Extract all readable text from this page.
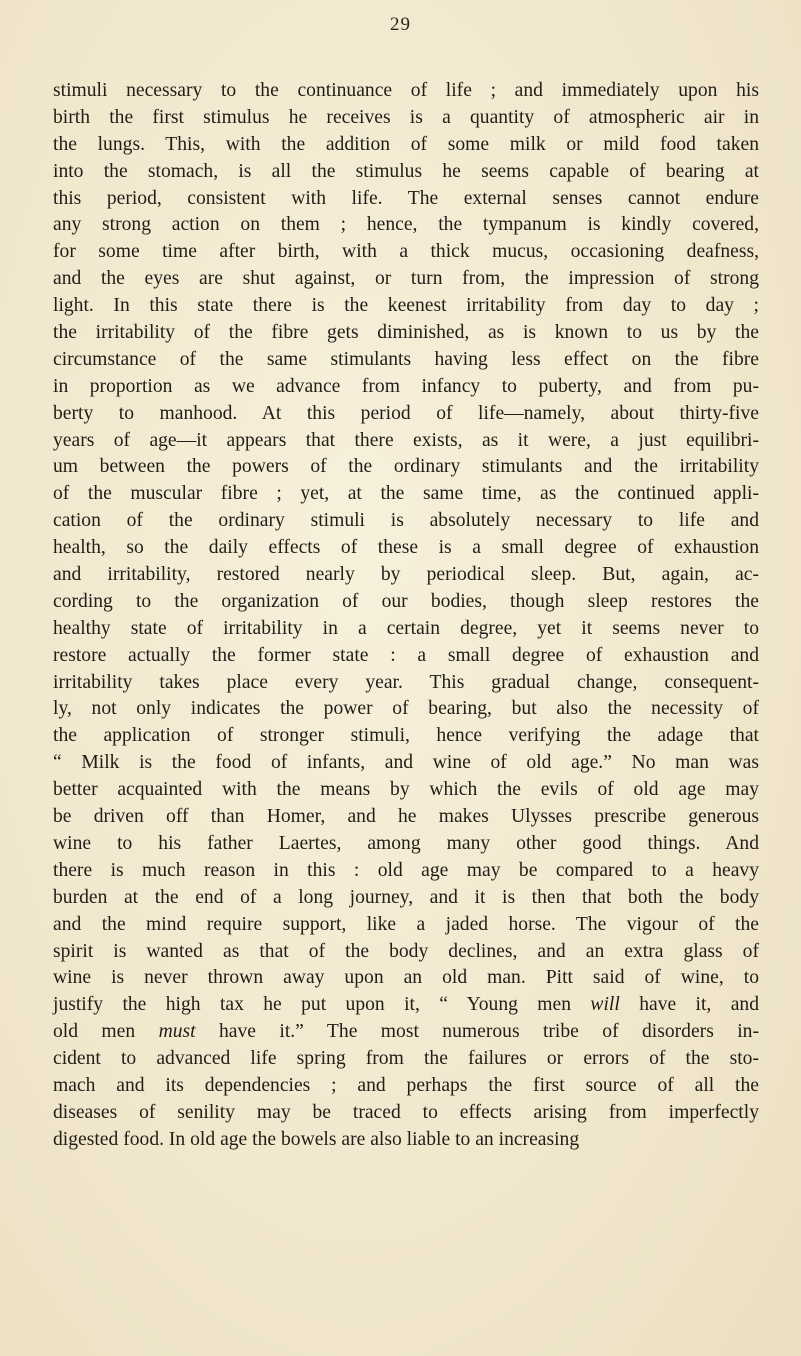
29
stimuli necessary to the continuance of life ; and immediately upon his
birth the first stimulus he receives is a quantity of atmospheric air in
the lungs. This, with the addition of some milk or mild food taken
into the stomach, is all the stimulus he seems capable of bearing at
this period, consistent with life. The external senses cannot endure
any strong action on them ; hence, the tympanum is kindly covered,
for some time after birth, with a thick mucus, occasioning deafness,
and the eyes are shut against, or turn from, the impression of strong
light. In this state there is the keenest irritability from day to day ;
the irritability of the fibre gets diminished, as is known to us by the
circumstance of the same stimulants having less effect on the fibre
in proportion as we advance from infancy to puberty, and from pu-
berty to manhood. At this period of life—namely, about thirty-five
years of age—it appears that there exists, as it were, a just equilibri-
um between the powers of the ordinary stimulants and the irritability
of the muscular fibre ; yet, at the same time, as the continued appli-
cation of the ordinary stimuli is absolutely necessary to life and
health, so the daily effects of these is a small degree of exhaustion
and irritability, restored nearly by periodical sleep. But, again, ac-
cording to the organization of our bodies, though sleep restores the
healthy state of irritability in a certain degree, yet it seems never to
restore actually the former state : a small degree of exhaustion and
irritability takes place every year. This gradual change, consequent-
ly, not only indicates the power of bearing, but also the necessity of
the application of stronger stimuli, hence verifying the adage that
“ Milk is the food of infants, and wine of old age.” No man was
better acquainted with the means by which the evils of old age may
be driven off than Homer, and he makes Ulysses prescribe generous
wine to his father Laertes, among many other good things. And
there is much reason in this : old age may be compared to a heavy
burden at the end of a long journey, and it is then that both the body
and the mind require support, like a jaded horse. The vigour of the
spirit is wanted as that of the body declines, and an extra glass of
wine is never thrown away upon an old man. Pitt said of wine, to
justify the high tax he put upon it, “ Young men will have it, and
old men must have it.” The most numerous tribe of disorders in-
cident to advanced life spring from the failures or errors of the sto-
mach and its dependencies ; and perhaps the first source of all the
diseases of senility may be traced to effects arising from imperfectly
digested food. In old age the bowels are also liable to an increasing
